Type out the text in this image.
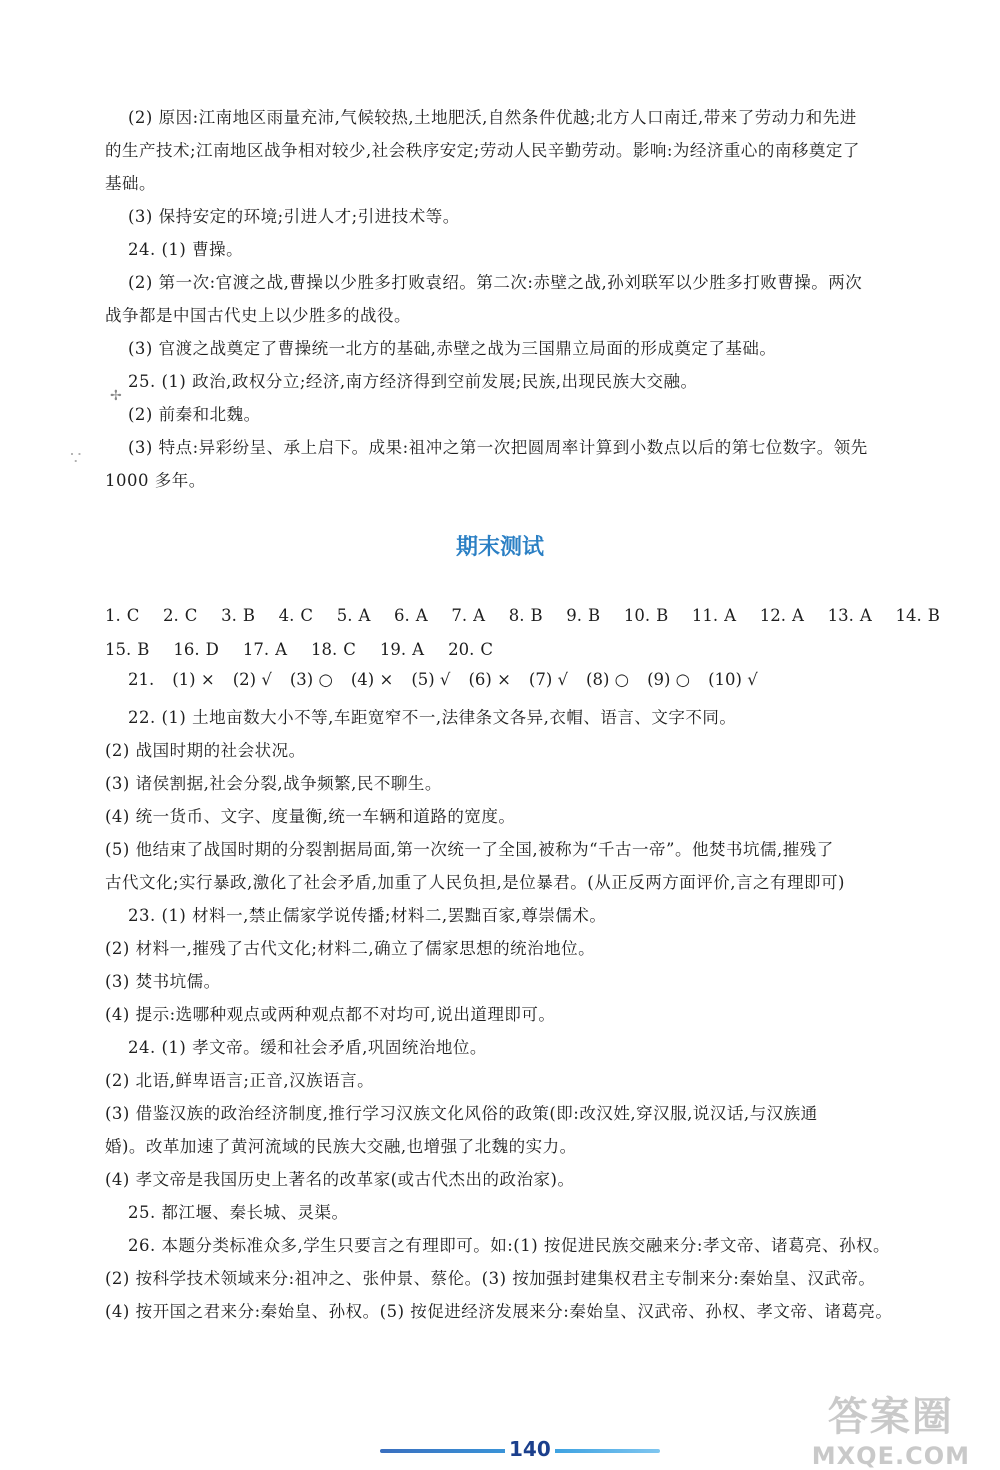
(2) 原因:江南地区雨量充沛,气候较热,土地肥沃,自然条件优越;北方人口南迁,带来了劳动力和先进
的生产技术;江南地区战争相对较少,社会秩序安定;劳动人民辛勤劳动。影响:为经济重心的南移奠定了
基础。
(3) 保持安定的环境;引进人才;引进技术等。
24. (1) 曹操。
(2) 第一次:官渡之战,曹操以少胜多打败袁绍。第二次:赤壁之战,孙刘联军以少胜多打败曹操。两次
战争都是中国古代史上以少胜多的战役。
(3) 官渡之战奠定了曹操统一北方的基础,赤壁之战为三国鼎立局面的形成奠定了基础。
25. (1) 政治,政权分立;经济,南方经济得到空前发展;民族,出现民族大交融。
(2) 前秦和北魏。
(3) 特点:异彩纷呈、承上启下。成果:祖冲之第一次把圆周率计算到小数点以后的第七位数字。领先
1000 多年。
✢
∵
期末测试
1. C 2. C 3. B 4. C 5. A 6. A 7. A 8. B 9. B 10. B 11. A 12. A 13. A 14. B
15. B 16. D 17. A 18. C 19. A 20. C
21. (1) × (2) √ (3) ○ (4) × (5) √ (6) × (7) √ (8) ○ (9) ○ (10) √
22. (1) 土地亩数大小不等,车距宽窄不一,法律条文各异,衣帽、语言、文字不同。
(2) 战国时期的社会状况。
(3) 诸侯割据,社会分裂,战争频繁,民不聊生。
(4) 统一货币、文字、度量衡,统一车辆和道路的宽度。
(5) 他结束了战国时期的分裂割据局面,第一次统一了全国,被称为“千古一帝”。他焚书坑儒,摧残了
古代文化;实行暴政,激化了社会矛盾,加重了人民负担,是位暴君。(从正反两方面评价,言之有理即可)
23. (1) 材料一,禁止儒家学说传播;材料二,罢黜百家,尊崇儒术。
(2) 材料一,摧残了古代文化;材料二,确立了儒家思想的统治地位。
(3) 焚书坑儒。
(4) 提示:选哪种观点或两种观点都不对均可,说出道理即可。
24. (1) 孝文帝。缓和社会矛盾,巩固统治地位。
(2) 北语,鲜卑语言;正音,汉族语言。
(3) 借鉴汉族的政治经济制度,推行学习汉族文化风俗的政策(即:改汉姓,穿汉服,说汉话,与汉族通
婚)。改革加速了黄河流域的民族大交融,也增强了北魏的实力。
(4) 孝文帝是我国历史上著名的改革家(或古代杰出的政治家)。
25. 都江堰、秦长城、灵渠。
26. 本题分类标准众多,学生只要言之有理即可。如:(1) 按促进民族交融来分:孝文帝、诸葛亮、孙权。
(2) 按科学技术领域来分:祖冲之、张仲景、蔡伦。(3) 按加强封建集权君主专制来分:秦始皇、汉武帝。
(4) 按开国之君来分:秦始皇、孙权。(5) 按促进经济发展来分:秦始皇、汉武帝、孙权、孝文帝、诸葛亮。
140
答案圈
MXQE.COM
